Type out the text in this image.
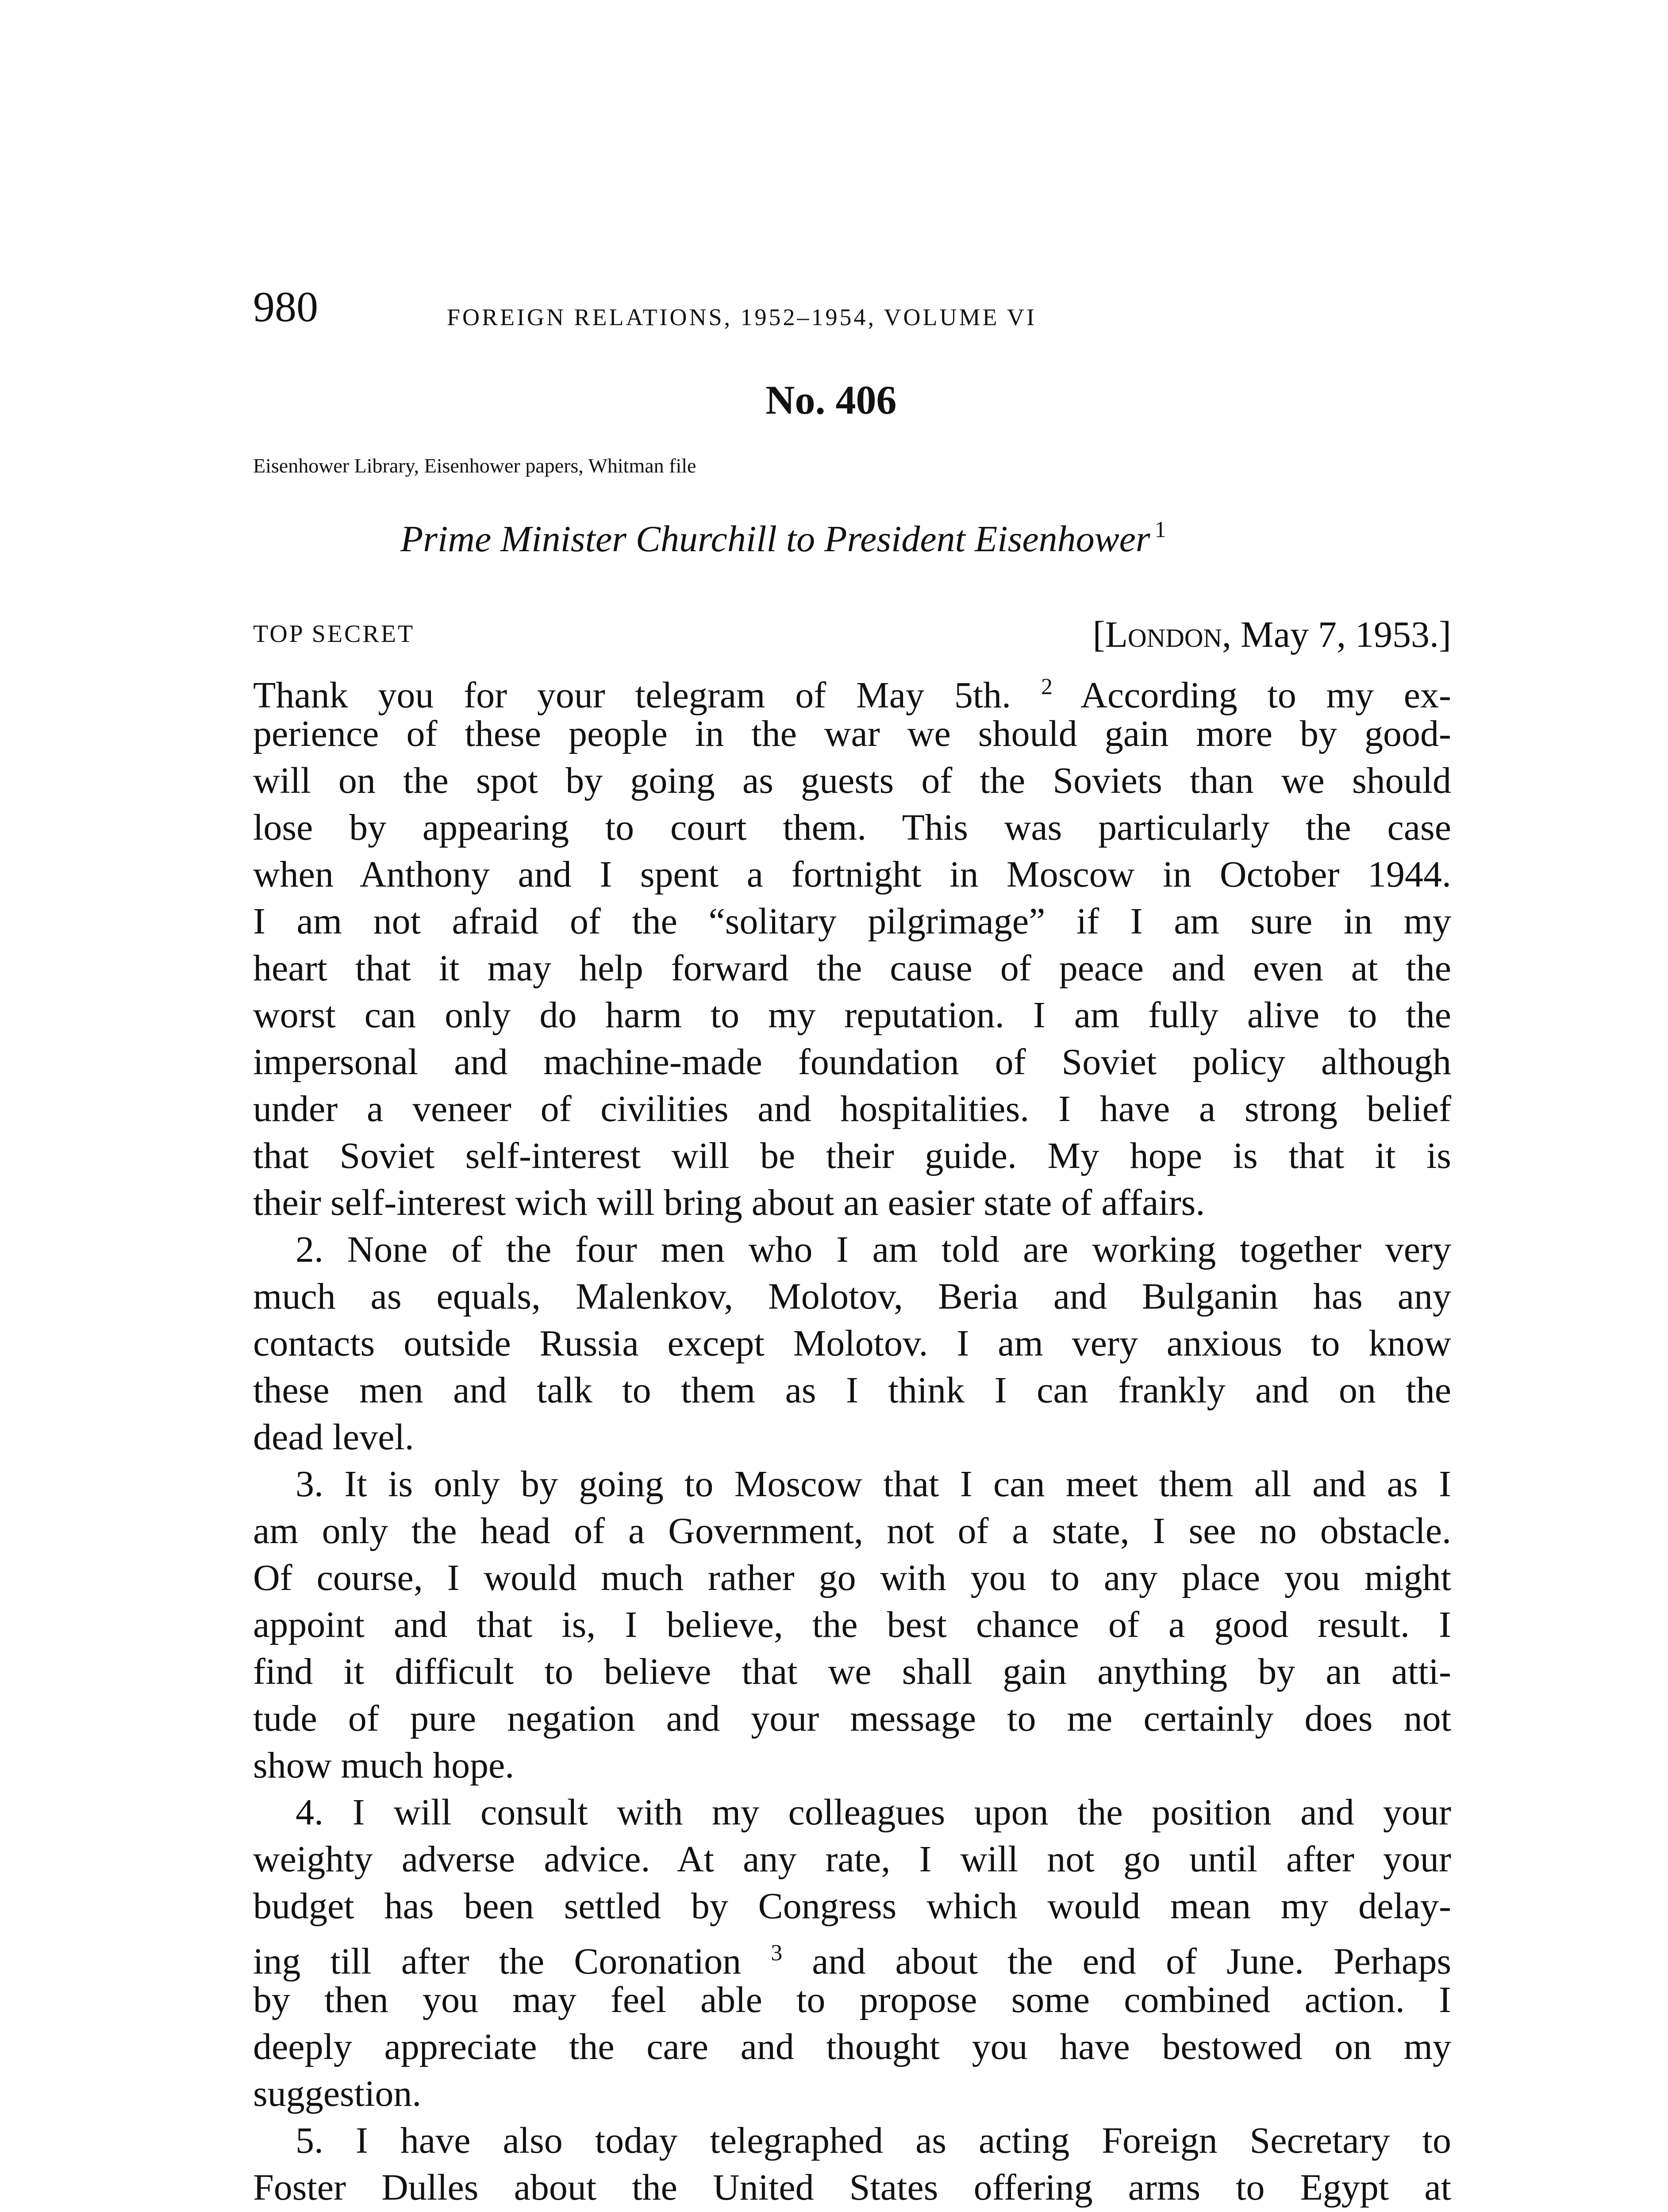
980	FOREIGN RELATIONS, 1952–1954, VOLUME VI
No. 406
Eisenhower Library, Eisenhower papers, Whitman file
Prime Minister Churchill to President Eisenhower $^1$
TOP SECRET	[London, May 7, 1953.]
Thank you for your telegram of May 5th. $^2$ According to my ex-
perience of these people in the war we should gain more by good-
will on the spot by going as guests of the Soviets than we should
lose by appearing to court them. This was particularly the case
when Anthony and I spent a fortnight in Moscow in October 1944.
I am not afraid of the “solitary pilgrimage” if I am sure in my
heart that it may help forward the cause of peace and even at the
worst can only do harm to my reputation. I am fully alive to the
impersonal and machine-made foundation of Soviet policy although
under a veneer of civilities and hospitalities. I have a strong belief
that Soviet self-interest will be their guide. My hope is that it is
their self-interest wich will bring about an easier state of affairs.
2. None of the four men who I am told are working together very
much as equals, Malenkov, Molotov, Beria and Bulganin has any
contacts outside Russia except Molotov. I am very anxious to know
these men and talk to them as I think I can frankly and on the
dead level.
3. It is only by going to Moscow that I can meet them all and as I
am only the head of a Government, not of a state, I see no obstacle.
Of course, I would much rather go with you to any place you might
appoint and that is, I believe, the best chance of a good result. I
find it difficult to believe that we shall gain anything by an atti-
tude of pure negation and your message to me certainly does not
show much hope.
4. I will consult with my colleagues upon the position and your
weighty adverse advice. At any rate, I will not go until after your
budget has been settled by Congress which would mean my delay-
ing till after the Coronation $^3$ and about the end of June. Perhaps
by then you may feel able to propose some combined action. I
deeply appreciate the care and thought you have bestowed on my
suggestion.
5. I have also today telegraphed as acting Foreign Secretary to
Foster Dulles about the United States offering arms to Egypt at
